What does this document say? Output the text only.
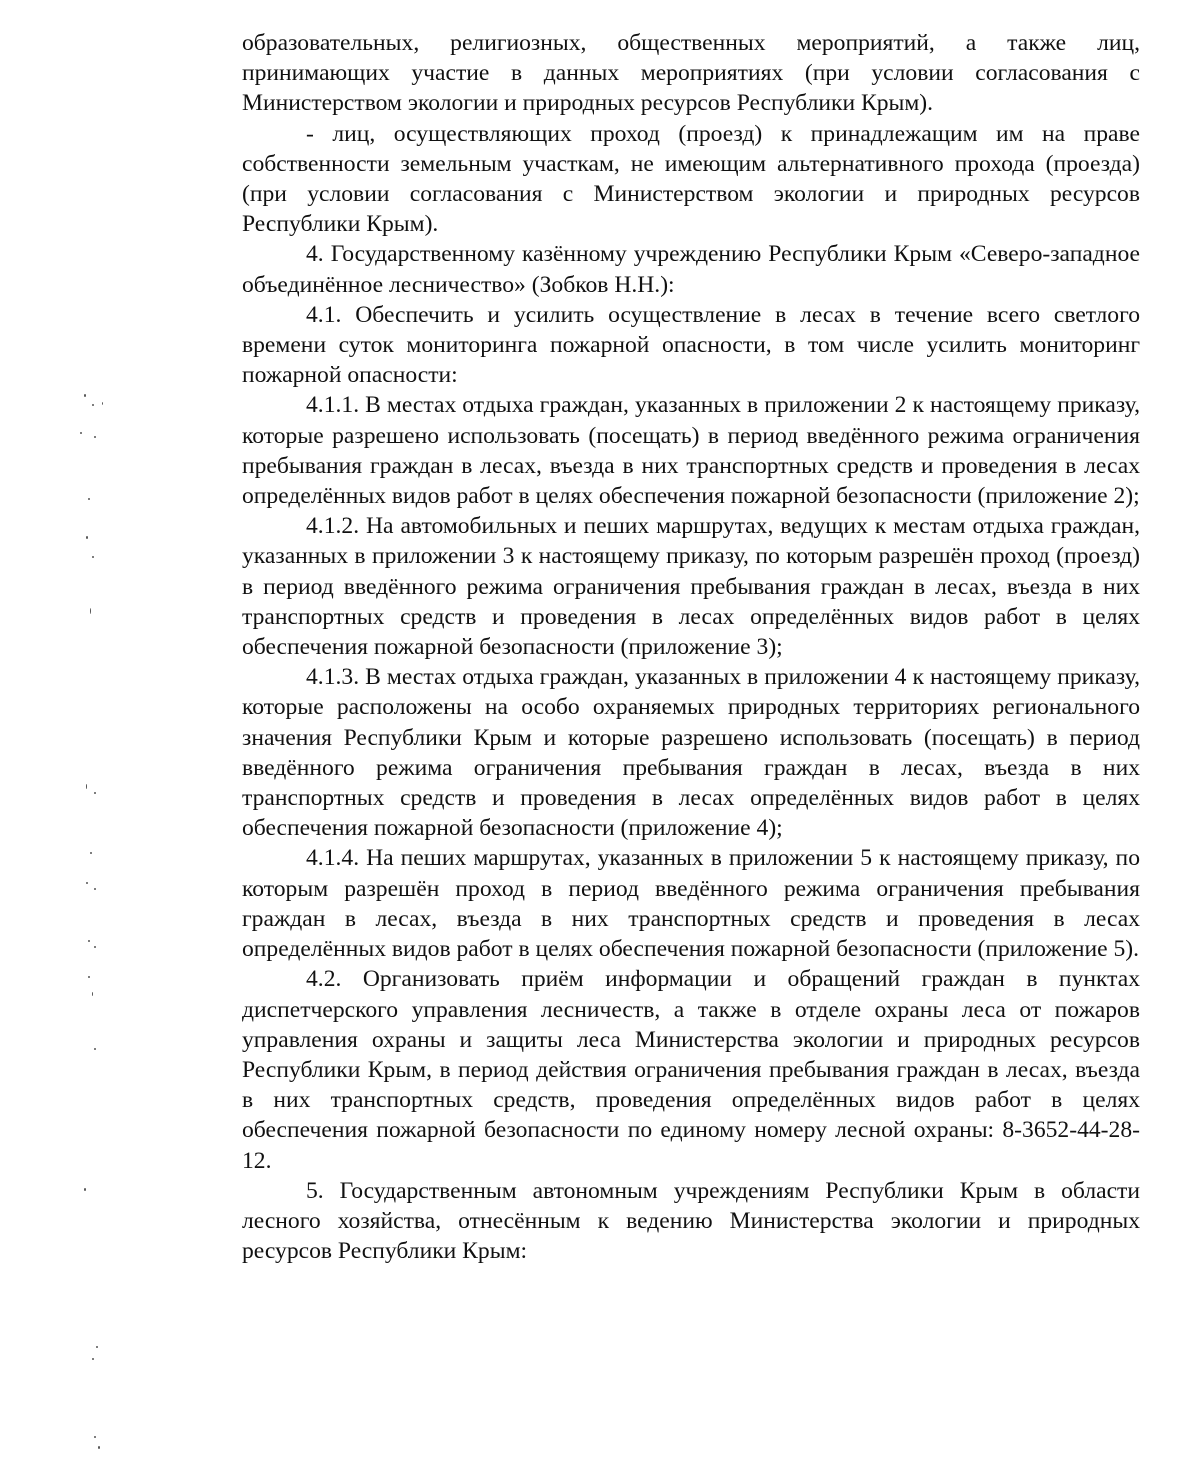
образовательных, религиозных, общественных мероприятий, а также лиц, принимающих участие в данных мероприятиях (при условии согласования с Министерством экологии и природных ресурсов Республики Крым).

- лиц, осуществляющих проход (проезд) к принадлежащим им на праве собственности земельным участкам, не имеющим альтернативного прохода (проезда) (при условии согласования с Министерством экологии и природных ресурсов Республики Крым).

4. Государственному казённому учреждению Республики Крым «Северо-западное объединённое лесничество» (Зобков Н.Н.):

4.1. Обеспечить и усилить осуществление в лесах в течение всего светлого времени суток мониторинга пожарной опасности, в том числе усилить мониторинг пожарной опасности:

4.1.1. В местах отдыха граждан, указанных в приложении 2 к настоящему приказу, которые разрешено использовать (посещать) в период введённого режима ограничения пребывания граждан в лесах, въезда в них транспортных средств и проведения в лесах определённых видов работ в целях обеспечения пожарной безопасности (приложение 2);

4.1.2. На автомобильных и пеших маршрутах, ведущих к местам отдыха граждан, указанных в приложении 3 к настоящему приказу, по которым разрешён проход (проезд) в период введённого режима ограничения пребывания граждан в лесах, въезда в них транспортных средств и проведения в лесах определённых видов работ в целях обеспечения пожарной безопасности (приложение 3);

4.1.3. В местах отдыха граждан, указанных в приложении 4 к настоящему приказу, которые расположены на особо охраняемых природных территориях регионального значения Республики Крым и которые разрешено использовать (посещать) в период введённого режима ограничения пребывания граждан в лесах, въезда в них транспортных средств и проведения в лесах определённых видов работ в целях обеспечения пожарной безопасности (приложение 4);

4.1.4. На пеших маршрутах, указанных в приложении 5 к настоящему приказу, по которым разрешён проход в период введённого режима ограничения пребывания граждан в лесах, въезда в них транспортных средств и проведения в лесах определённых видов работ в целях обеспечения пожарной безопасности (приложение 5).

4.2. Организовать приём информации и обращений граждан в пунктах диспетчерского управления лесничеств, а также в отделе охраны леса от пожаров управления охраны и защиты леса Министерства экологии и природных ресурсов Республики Крым, в период действия ограничения пребывания граждан в лесах, въезда в них транспортных средств, проведения определённых видов работ в целях обеспечения пожарной безопасности по единому номеру лесной охраны: 8-3652-44-28-12.

5. Государственным автономным учреждениям Республики Крым в области лесного хозяйства, отнесённым к ведению Министерства экологии и природных ресурсов Республики Крым:
